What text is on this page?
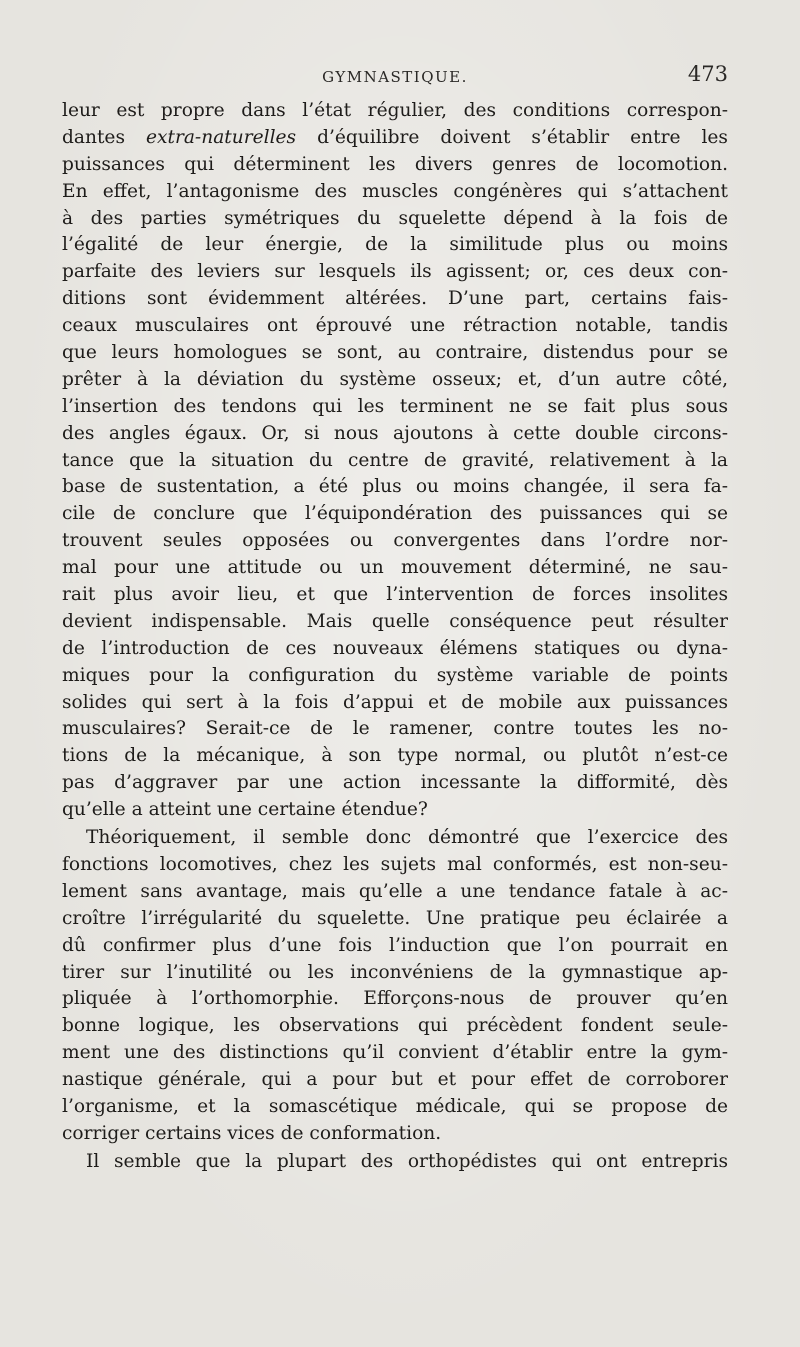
GYMNASTIQUE.	473

leur est propre dans l’état régulier, des conditions correspon-
dantes extra-naturelles d’équilibre doivent s’établir entre les
puissances qui déterminent les divers genres de locomotion.
En effet, l’antagonisme des muscles congénères qui s’attachent
à des parties symétriques du squelette dépend à la fois de
l’égalité de leur énergie, de la similitude plus ou moins
parfaite des leviers sur lesquels ils agissent; or, ces deux con-
ditions sont évidemment altérées. D’une part, certains fais-
ceaux musculaires ont éprouvé une rétraction notable, tandis
que leurs homologues se sont, au contraire, distendus pour se
prêter à la déviation du système osseux; et, d’un autre côté,
l’insertion des tendons qui les terminent ne se fait plus sous
des angles égaux. Or, si nous ajoutons à cette double circons-
tance que la situation du centre de gravité, relativement à la
base de sustentation, a été plus ou moins changée, il sera fa-
cile de conclure que l’équipondération des puissances qui se
trouvent seules opposées ou convergentes dans l’ordre nor-
mal pour une attitude ou un mouvement déterminé, ne sau-
rait plus avoir lieu, et que l’intervention de forces insolites
devient indispensable. Mais quelle conséquence peut résulter
de l’introduction de ces nouveaux élémens statiques ou dyna-
miques pour la configuration du système variable de points
solides qui sert à la fois d’appui et de mobile aux puissances
musculaires? Serait-ce de le ramener, contre toutes les no-
tions de la mécanique, à son type normal, ou plutôt n’est-ce
pas d’aggraver par une action incessante la difformité, dès
qu’elle a atteint une certaine étendue?

Théoriquement, il semble donc démontré que l’exercice des
fonctions locomotives, chez les sujets mal conformés, est non-seu-
lement sans avantage, mais qu’elle a une tendance fatale à ac-
croître l’irrégularité du squelette. Une pratique peu éclairée a
dû confirmer plus d’une fois l’induction que l’on pourrait en
tirer sur l’inutilité ou les inconvéniens de la gymnastique ap-
pliquée à l’orthomorphie. Efforçons-nous de prouver qu’en
bonne logique, les observations qui précèdent fondent seule-
ment une des distinctions qu’il convient d’établir entre la gym-
nastique générale, qui a pour but et pour effet de corroborer
l’organisme, et la somascétique médicale, qui se propose de
corriger certains vices de conformation.

Il semble que la plupart des orthopédistes qui ont entrepris
